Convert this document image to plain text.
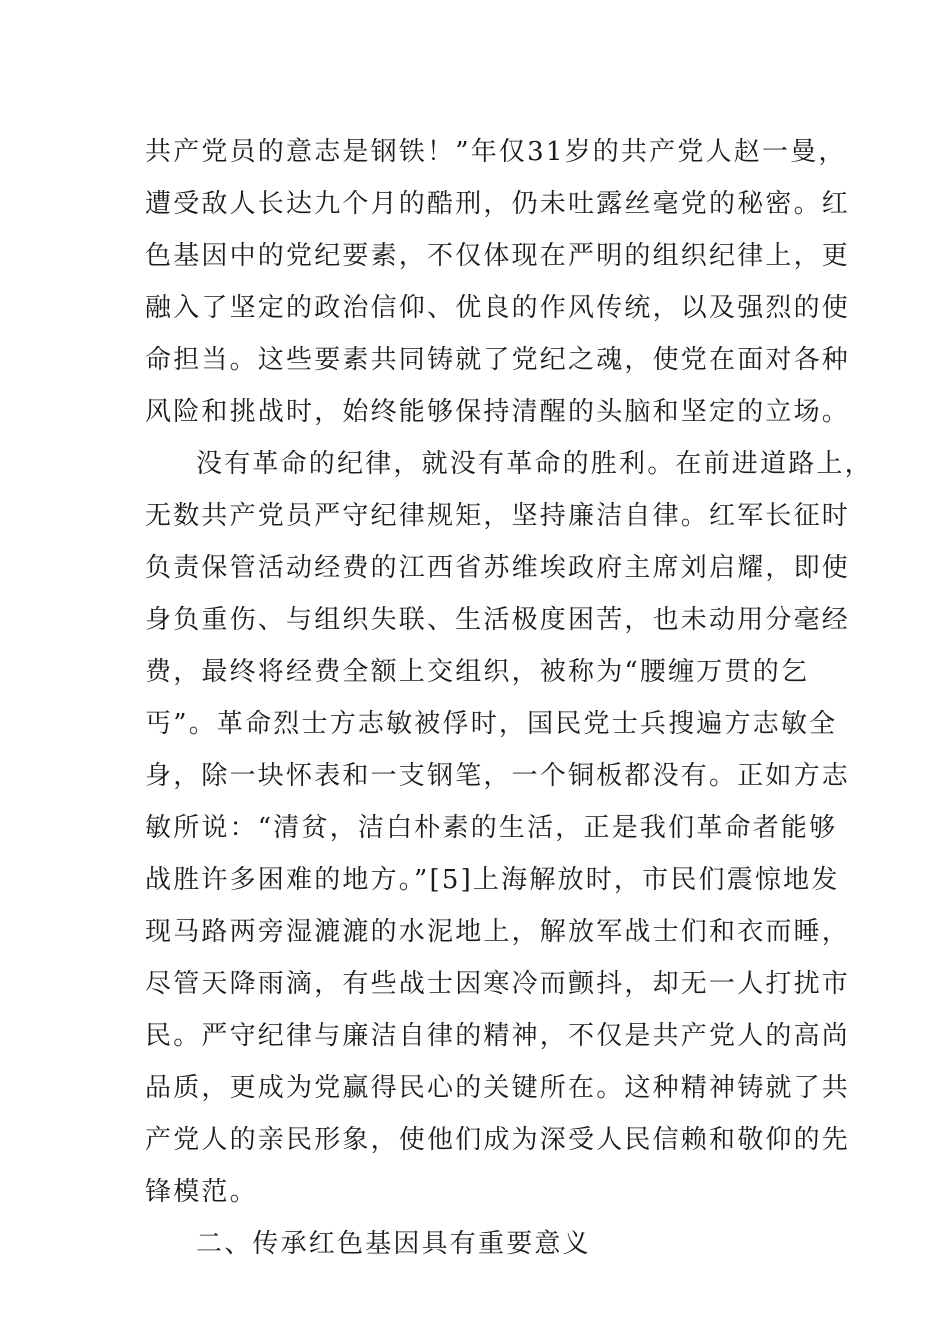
共产党员的意志是钢铁！”年仅31岁的共产党人赵一曼，
遭受敌人长达九个月的酷刑，仍未吐露丝毫党的秘密。红
色基因中的党纪要素，不仅体现在严明的组织纪律上，更
融入了坚定的政治信仰、优良的作风传统，以及强烈的使
命担当。这些要素共同铸就了党纪之魂，使党在面对各种
风险和挑战时，始终能够保持清醒的头脑和坚定的立场。
没有革命的纪律，就没有革命的胜利。在前进道路上，
无数共产党员严守纪律规矩，坚持廉洁自律。红军长征时
负责保管活动经费的江西省苏维埃政府主席刘启耀，即使
身负重伤、与组织失联、生活极度困苦，也未动用分毫经
费，最终将经费全额上交组织，被称为“腰缠万贯的乞
丐”。革命烈士方志敏被俘时，国民党士兵搜遍方志敏全
身，除一块怀表和一支钢笔，一个铜板都没有。正如方志
敏所说：“清贫，洁白朴素的生活，正是我们革命者能够
战胜许多困难的地方。”[5]上海解放时，市民们震惊地发
现马路两旁湿漉漉的水泥地上，解放军战士们和衣而睡，
尽管天降雨滴，有些战士因寒冷而颤抖，却无一人打扰市
民。严守纪律与廉洁自律的精神，不仅是共产党人的高尚
品质，更成为党赢得民心的关键所在。这种精神铸就了共
产党人的亲民形象，使他们成为深受人民信赖和敬仰的先
锋模范。
二、传承红色基因具有重要意义
